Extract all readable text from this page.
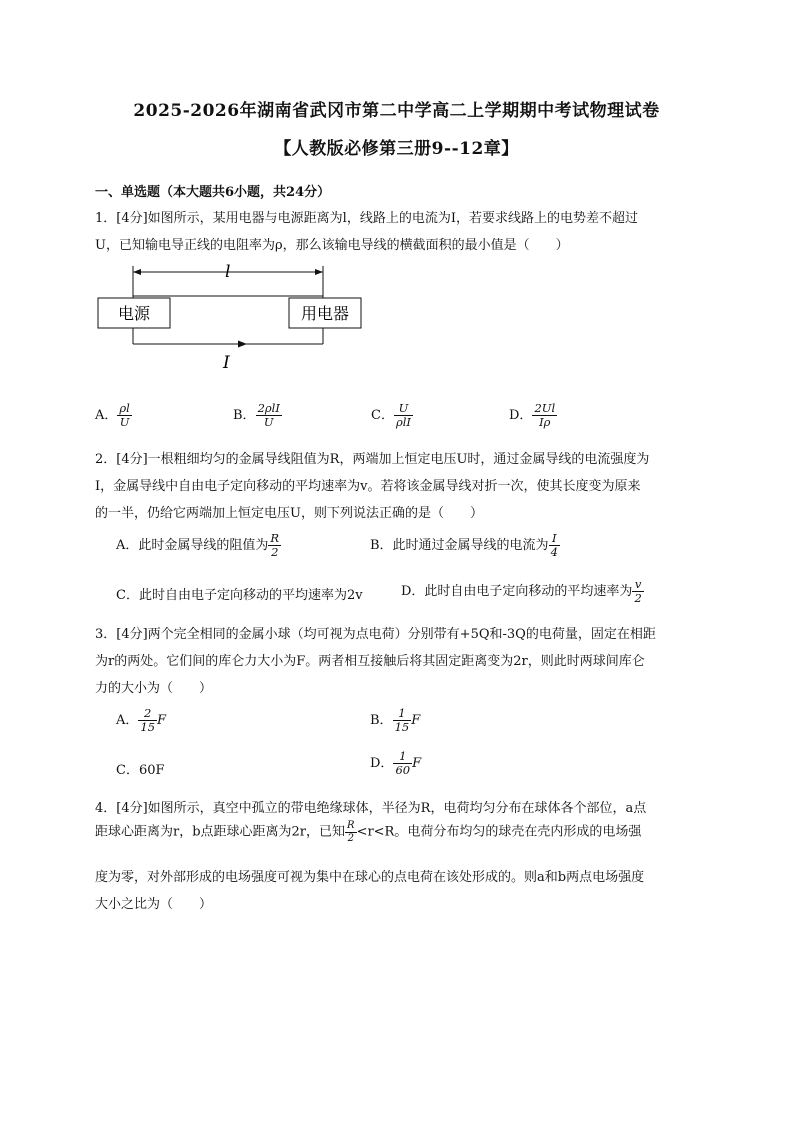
2025-2026年湖南省武冈市第二中学高二上学期期中考试物理试卷
【人教版必修第三册9--12章】
一、单选题（本大题共6小题，共24分）
1．[4分]如图所示，某用电器与电源距离为l，线路上的电流为I，若要求线路上的电势差不超过
U，已知输电导正线的电阻率为ρ，那么该输电导线的横截面积的最小值是（　　）
l
I
电源	用电器
A． $\frac{\rho l}{U}$	B． $\frac{\text{2ρlI}}{U}$	C． $\frac{U}{\text{ρlI}}$	D． $\frac{2Ul}{I\rho}$
2．[4分]一根粗细均匀的金属导线阻值为R，两端加上恒定电压U时，通过金属导线的电流强度为
I，金属导线中自由电子定向移动的平均速率为v。若将该金属导线对折一次，使其长度变为原来
的一半，仍给它两端加上恒定电压U，则下列说法正确的是（　　）
A．此时金属导线的阻值为 $\frac{R}{2}$	B．此时通过金属导线的电流为 $\frac{I}{4}$
C．此时自由电子定向移动的平均速率为2v	D．此时自由电子定向移动的平均速率为 $\frac{v}{2}$
3．[4分]两个完全相同的金属小球（均可视为点电荷）分别带有+5Q和-3Q的电荷量，固定在相距
为r的两处。它们间的库仑力大小为F。两者相互接触后将其固定距离变为2r，则此时两球间库仑
力的大小为（　　）
A． $\frac{2}{15}$ F	B． $\frac{1}{15}$ F
C．60F	D． $\frac{1}{60}$ F
4．[4分]如图所示，真空中孤立的带电绝缘球体，半径为R，电荷均匀分布在球体各个部位，a点
距球心距离为r，b点距球心距离为2r，已知 $\frac{R}{2} <r<R$。电荷分布均匀的球壳在壳内形成的电场强
度为零，对外部形成的电场强度可视为集中在球心的点电荷在该处形成的。则a和b两点电场强度
大小之比为（　　）
